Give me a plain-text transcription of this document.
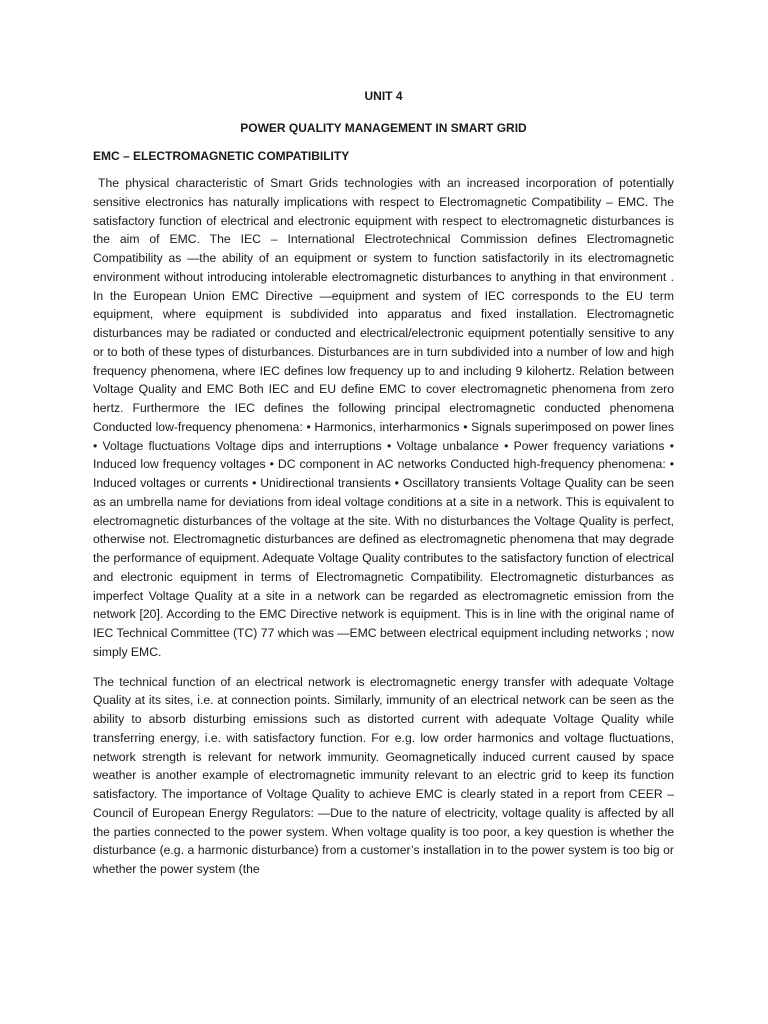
UNIT 4
POWER QUALITY MANAGEMENT IN SMART GRID
EMC – ELECTROMAGNETIC COMPATIBILITY

The physical characteristic of Smart Grids technologies with an increased incorporation of potentially sensitive electronics has naturally implications with respect to Electromagnetic Compatibility – EMC. The satisfactory function of electrical and electronic equipment with respect to electromagnetic disturbances is the aim of EMC. The IEC – International Electrotechnical Commission defines Electromagnetic Compatibility as —the ability of an equipment or system to function satisfactorily in its electromagnetic environment without introducing intolerable electromagnetic disturbances to anything in that environment . In the European Union EMC Directive —equipment and system of IEC corresponds to the EU term equipment, where equipment is subdivided into apparatus and fixed installation. Electromagnetic disturbances may be radiated or conducted and electrical/electronic equipment potentially sensitive to any or to both of these types of disturbances. Disturbances are in turn subdivided into a number of low and high frequency phenomena, where IEC defines low frequency up to and including 9 kilohertz. Relation between Voltage Quality and EMC Both IEC and EU define EMC to cover electromagnetic phenomena from zero hertz. Furthermore the IEC defines the following principal electromagnetic conducted phenomena Conducted low-frequency phenomena: • Harmonics, interharmonics • Signals superimposed on power lines • Voltage fluctuations Voltage dips and interruptions • Voltage unbalance • Power frequency variations • Induced low frequency voltages • DC component in AC networks Conducted high-frequency phenomena: • Induced voltages or currents • Unidirectional transients • Oscillatory transients Voltage Quality can be seen as an umbrella name for deviations from ideal voltage conditions at a site in a network. This is equivalent to electromagnetic disturbances of the voltage at the site. With no disturbances the Voltage Quality is perfect, otherwise not. Electromagnetic disturbances are defined as electromagnetic phenomena that may degrade the performance of equipment. Adequate Voltage Quality contributes to the satisfactory function of electrical and electronic equipment in terms of Electromagnetic Compatibility. Electromagnetic disturbances as imperfect Voltage Quality at a site in a network can be regarded as electromagnetic emission from the network [20]. According to the EMC Directive network is equipment. This is in line with the original name of IEC Technical Committee (TC) 77 which was —EMC between electrical equipment including networks ; now simply EMC.

The technical function of an electrical network is electromagnetic energy transfer with adequate Voltage Quality at its sites, i.e. at connection points. Similarly, immunity of an electrical network can be seen as the ability to absorb disturbing emissions such as distorted current with adequate Voltage Quality while transferring energy, i.e. with satisfactory function. For e.g. low order harmonics and voltage fluctuations, network strength is relevant for network immunity. Geomagnetically induced current caused by space weather is another example of electromagnetic immunity relevant to an electric grid to keep its function satisfactory. The importance of Voltage Quality to achieve EMC is clearly stated in a report from CEER – Council of European Energy Regulators: —Due to the nature of electricity, voltage quality is affected by all the parties connected to the power system. When voltage quality is too poor, a key question is whether the disturbance (e.g. a harmonic disturbance) from a customer’s installation in to the power system is too big or whether the power system (the
